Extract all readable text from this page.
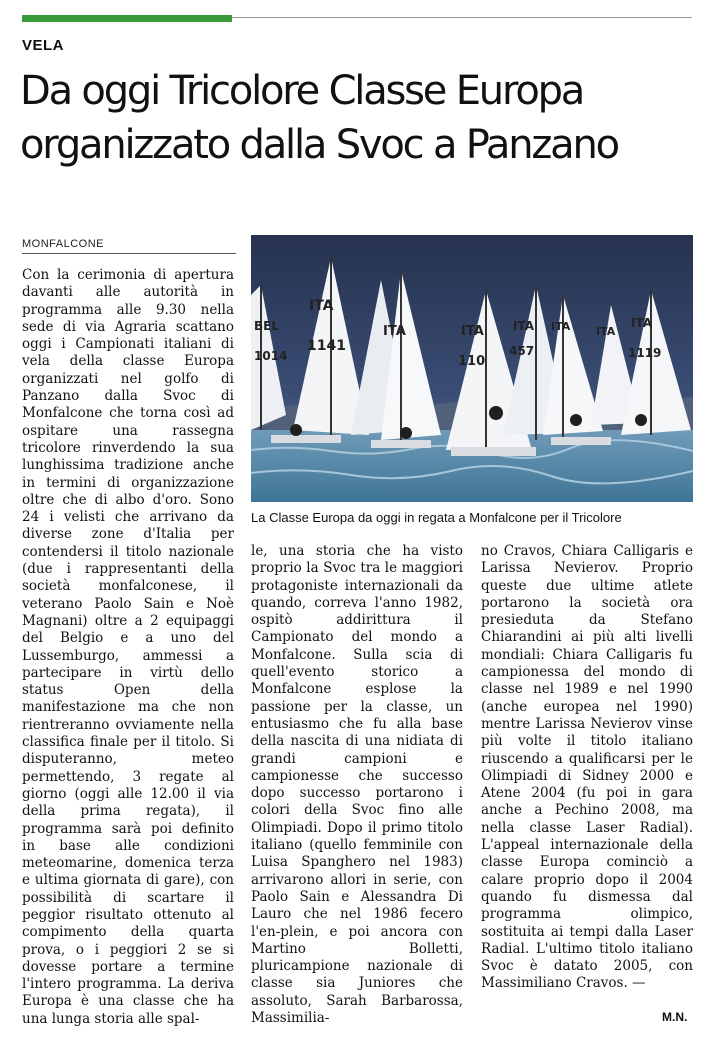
VELA
Da oggi Tricolore Classe Europa
organizzato dalla Svoc a Panzano
MONFALCONE
Con la cerimonia di apertura davanti alle autorità in programma alle 9.30 nella sede di via Agraria scattano oggi i Campionati italiani di vela della classe Europa organizzati nel golfo di Panzano dalla Svoc di Monfalcone che torna così ad ospitare una rassegna tricolore rinverdendo la sua lunghissima tradizione anche in termini di organizzazione oltre che di albo d'oro. Sono 24 i velisti che arrivano da diverse zone d'Italia per contendersi il titolo nazionale (due i rappresentanti della società monfalconese, il veterano Paolo Sain e Noè Magnani) oltre a 2 equipaggi del Belgio e a uno del Lussemburgo, ammessi a partecipare in virtù dello status Open della manifestazione ma che non rientreranno ovviamente nella classifica finale per il titolo. Si disputeranno, meteo permettendo, 3 regate al giorno (oggi alle 12.00 il via della prima regata), il programma sarà poi definito in base alle condizioni meteomarine, domenica terza e ultima giornata di gare), con possibilità di scartare il peggior risultato ottenuto al compimento della quarta prova, o i peggiori 2 se si dovesse portare a termine l'intero programma. La deriva Europa è una classe che ha una lunga storia alle spal-
BEL
1014
ITA
1141
ITA	ITA
110
ITA
457
ITA ITA
ITA
1119
La Classe Europa da oggi in regata a Monfalcone per il Tricolore
le, una storia che ha visto proprio la Svoc tra le maggiori protagoniste internazionali da quando, correva l'anno 1982, ospitò addirittura il Campionato del mondo a Monfalcone. Sulla scia di quell'evento storico a Monfalcone esplose la passione per la classe, un entusiasmo che fu alla base della nascita di una nidiata di grandi campioni e campionesse che successo dopo successo portarono i colori della Svoc fino alle Olimpiadi. Dopo il primo titolo italiano (quello femminile con Luisa Spanghero nel 1983) arrivarono allori in serie, con Paolo Sain e Alessandra Di Lauro che nel 1986 fecero l'en-plein, e poi ancora con Martino Bolletti, pluricampione nazionale di classe sia Juniores che assoluto, Sarah Barbarossa, Massimilia-
no Cravos, Chiara Calligaris e Larissa Nevierov. Proprio queste due ultime atlete portarono la società ora presieduta da Stefano Chiarandini ai più alti livelli mondiali: Chiara Calligaris fu campionessa del mondo di classe nel 1989 e nel 1990 (anche europea nel 1990) mentre Larissa Nevierov vinse più volte il titolo italiano riuscendo a qualificarsi per le Olimpiadi di Sidney 2000 e Atene 2004 (fu poi in gara anche a Pechino 2008, ma nella classe Laser Radial). L'appeal internazionale della classe Europa cominciò a calare proprio dopo il 2004 quando fu dismessa dal programma olimpico, sostituita ai tempi dalla Laser Radial. L'ultimo titolo italiano Svoc è datato 2005, con Massimiliano Cravos. —
M.N.
